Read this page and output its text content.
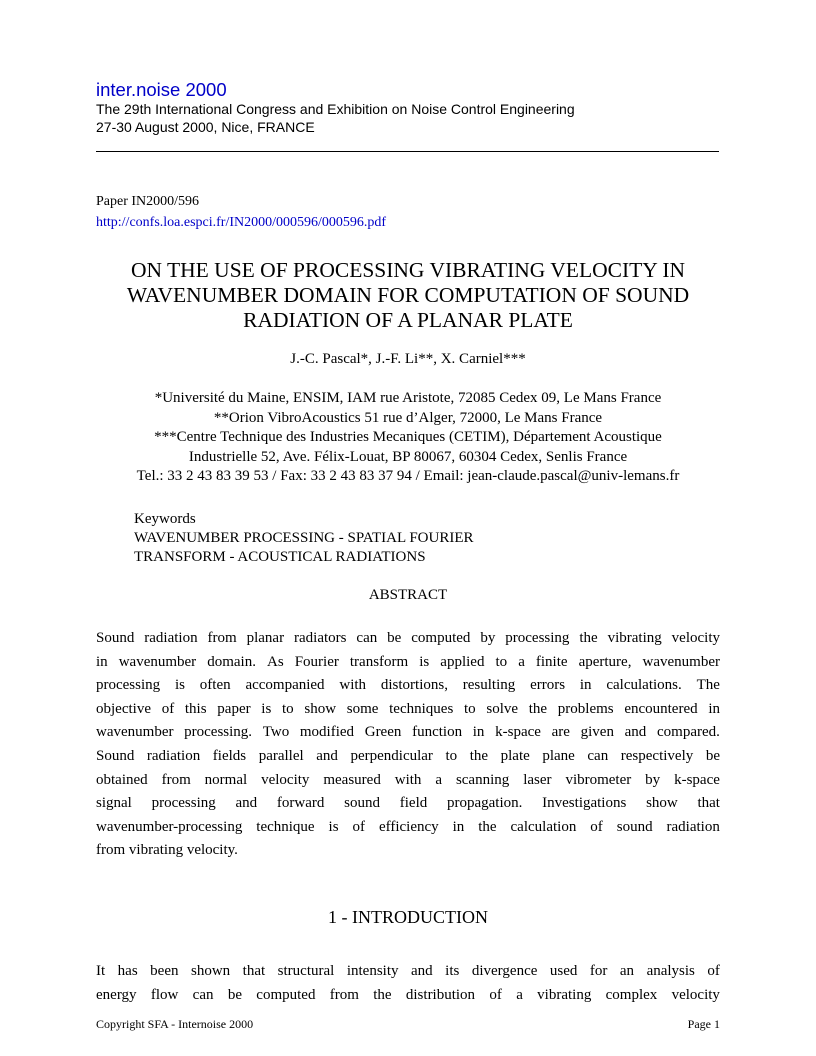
inter.noise 2000
The 29th International Congress and Exhibition on Noise Control Engineering
27-30 August 2000, Nice, FRANCE
Paper IN2000/596
http://confs.loa.espci.fr/IN2000/000596/000596.pdf
ON THE USE OF PROCESSING VIBRATING VELOCITY IN
WAVENUMBER DOMAIN FOR COMPUTATION OF SOUND
RADIATION OF A PLANAR PLATE
J.-C. Pascal*, J.-F. Li**, X. Carniel***
*Université du Maine, ENSIM, IAM rue Aristote, 72085 Cedex 09, Le Mans France
**Orion VibroAcoustics 51 rue d’Alger, 72000, Le Mans France
***Centre Technique des Industries Mecaniques (CETIM), Département Acoustique
Industrielle 52, Ave. Félix-Louat, BP 80067, 60304 Cedex, Senlis France
Tel.: 33 2 43 83 39 53 / Fax: 33 2 43 83 37 94 / Email: jean-claude.pascal@univ-lemans.fr
Keywords
WAVENUMBER PROCESSING - SPATIAL FOURIER
TRANSFORM - ACOUSTICAL RADIATIONS
ABSTRACT
Sound radiation from planar radiators can be computed by processing the vibrating velocity
in wavenumber domain. As Fourier transform is applied to a finite aperture, wavenumber
processing is often accompanied with distortions, resulting errors in calculations. The
objective of this paper is to show some techniques to solve the problems encountered in
wavenumber processing. Two modified Green function in k-space are given and compared.
Sound radiation fields parallel and perpendicular to the plate plane can respectively be
obtained from normal velocity measured with a scanning laser vibrometer by k-space
signal processing and forward sound field propagation. Investigations show that
wavenumber-processing technique is of efficiency in the calculation of sound radiation
from vibrating velocity.
1 - INTRODUCTION
It has been shown that structural intensity and its divergence used for an analysis of
energy flow can be computed from the distribution of a vibrating complex velocity
Copyright SFA - Internoise 2000	Page 1
